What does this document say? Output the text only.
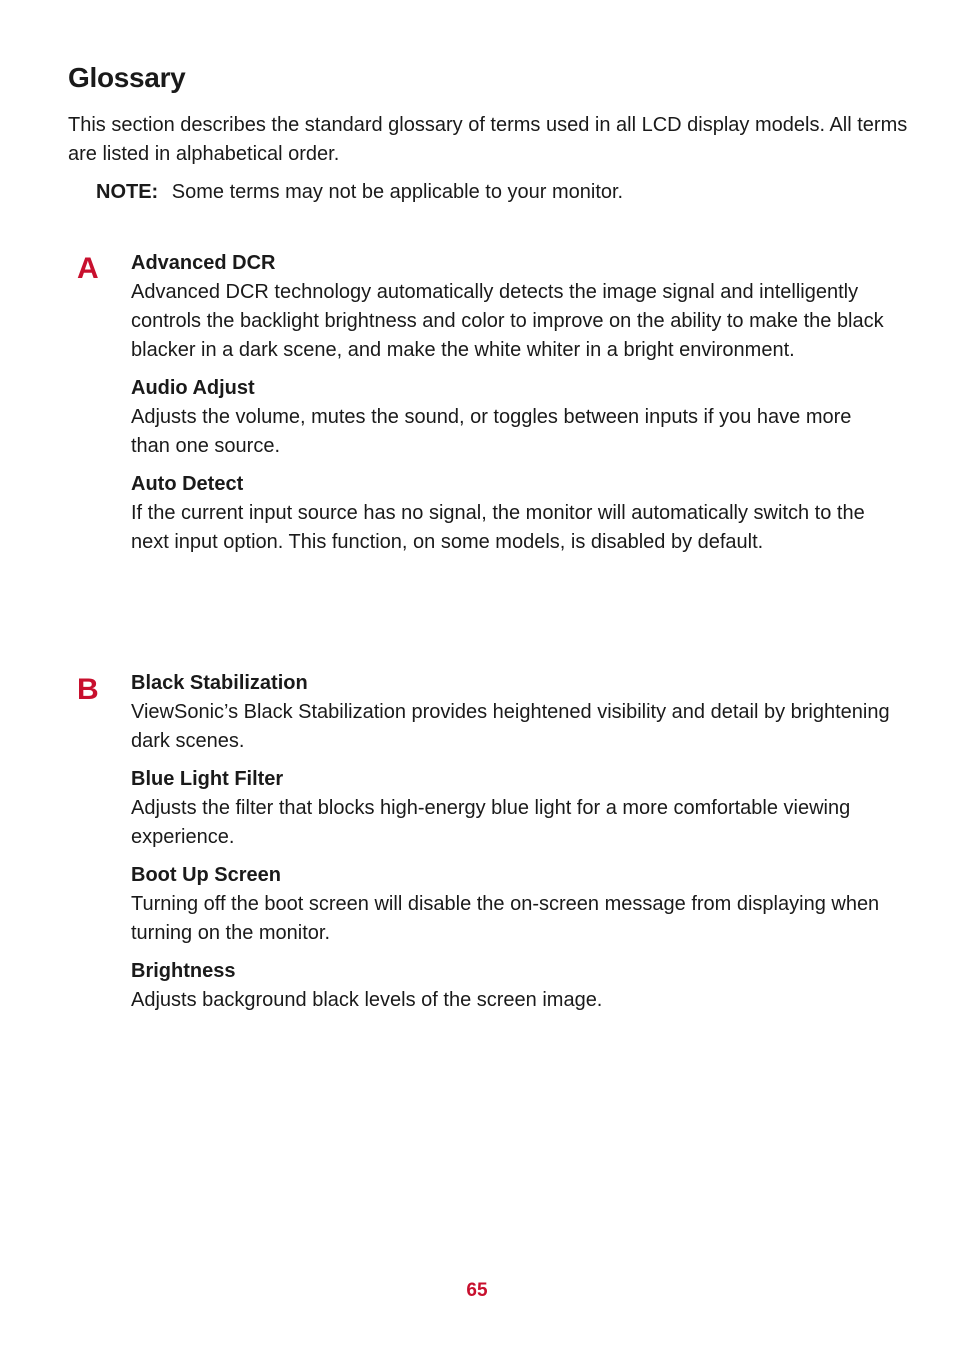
Glossary

This section describes the standard glossary of terms used in all LCD display models. All terms are listed in alphabetical order.

NOTE: Some terms may not be applicable to your monitor.

A Advanced DCR

Advanced DCR technology automatically detects the image signal and intelligently controls the backlight brightness and color to improve on the ability to make the black blacker in a dark scene, and make the white whiter in a bright environment.

Audio Adjust

Adjusts the volume, mutes the sound, or toggles between inputs if you have more than one source.

Auto Detect

If the current input source has no signal, the monitor will automatically switch to the next input option. This function, on some models, is disabled by default.

B Black Stabilization

ViewSonic’s Black Stabilization provides heightened visibility and detail by brightening dark scenes.

Blue Light Filter

Adjusts the filter that blocks high-energy blue light for a more comfortable viewing experience.

Boot Up Screen

Turning off the boot screen will disable the on-screen message from displaying when turning on the monitor.

Brightness

Adjusts background black levels of the screen image.

65
